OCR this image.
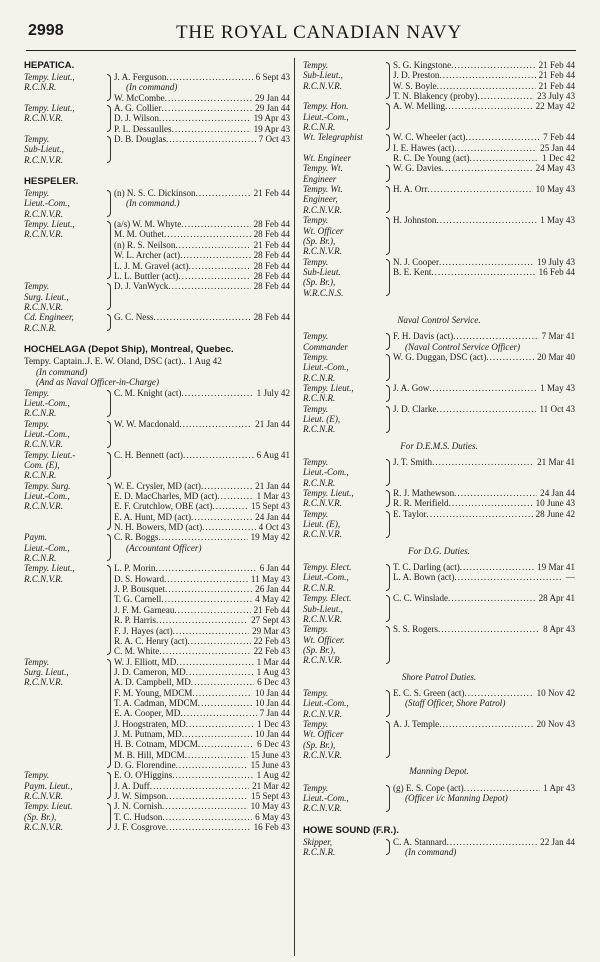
2998	THE ROYAL CANADIAN NAVY
HEPATICA.
Tempy. Lieut.,
R.C.N.R.
J. A. Ferguson .....	6 Sept 43
(In command)
W. McCombe .....	29 Jan 44
Tempy. Lieut.,
R.C.N.V.R.
A. G. Collier .....	29 Jan 44
D. J. Wilson .....	19 Apr 43
P. L. Dessaulles .....	19 Apr 43
Tempy.
Sub-Lieut.,
R.C.N.V.R.
D. B. Douglas .....	7 Oct 43
HESPELER.
Tempy.
Lieut.-Com.,
R.C.N.V.R.
(n) N. S. C. Dickinson .....	21 Feb 44
(In command.)
Tempy. Lieut.,
R.C.N.V.R.
(a/s) W. M. Whyte .....	28 Feb 44
M. M. Outhet .....	28 Feb 44
(n) R. S. Neilson .....	21 Feb 44
W. L. Archer (act) .....	28 Feb 44
L. J. M. Gravel (act) .....	28 Feb 44
L. L. Buttler (act) .....	28 Feb 44
Tempy.
Surg. Lieut.,
R.C.N.V.R.
D. J. VanWyck .....	28 Feb 44
Cd. Engineer,
R.C.N.R.
G. C. Ness .....	28 Feb 44
HOCHELAGA (Depot Ship), Montreal, Quebec.
Tempy. Captain..J. E. W. Oland, DSC (act).. 1 Aug 42
(In command)
(And as Naval Officer-in-Charge)
Tempy.
Lieut.-Com.,
R.C.N.R.
C. M. Knight (act) .....	1 July 42
Tempy.
Lieut.-Com.,
R.C.N.V.R.
W. W. Macdonald .....	21 Jan 44
Tempy. Lieut.-
Com. (E),
R.C.N.R.
C. H. Bennett (act) .....	6 Aug 41
Tempy. Surg.
Lieut.-Com.,
R.C.N.V.R.
W. E. Crysler, MD (act) .....	21 Jan 44
E. D. MacCharles, MD (act) .....	1 Mar 43
E. F. Crutchlow, OBE (act) .....	15 Sept 43
E. A. Hunt, MD (act) .....	24 Jan 44
N. H. Bowers, MD (act) .....	4 Oct 43
Paym.
Lieut.-Com.,
R.C.N.R.
C. R. Boggs .....	19 May 42
(Accountant Officer)
Tempy. Lieut.,
R.C.N.V.R.
L. P. Morin .....	6 Jan 44
D. S. Howard .....	11 May 43
J. P. Bousquet .....	26 Jan 44
T. G. Carnell .....	4 May 42
J. F. M. Garneau .....	21 Feb 44
R. P. Harris .....	27 Sept 43
F. J. Hayes (act) .....	29 Mar 43
R. A. C. Henry (act) .....	22 Feb 43
C. M. White .....	22 Feb 43
Tempy.
Surg. Lieut.,
R.C.N.V.R.
W. J. Elliott, MD .....	1 Mar 44
J. D. Cameron, MD .....	1 Aug 43
A. D. Campbell, MD .....	6 Dec 43
F. M. Young, MDCM .....	10 Jan 44
T. A. Cadman, MDCM .....	10 Jan 44
E. A. Cooper, MD .....	7 Jan 44
J. Hoogstraten, MD .....	1 Dec 43
J. M. Putnam, MD .....	10 Jan 44
H. B. Cotnam, MDCM .....	6 Dec 43
M. B. Hill, MDCM .....	15 June 43
D. G. Florendine .....	15 June 43
Tempy.
Paym. Lieut.,
R.C.N.V.R.
E. O. O'Higgins .....	1 Aug 42
J. A. Duff .....	21 Mar 42
J. W. Simpson .....	15 Sept 43
Tempy. Lieut.
(Sp. Br.),
R.C.N.V.R.
J. N. Cornish .....	10 May 43
T. C. Hudson .....	6 May 43
J. F. Cosgrove .....	16 Feb 43
Tempy.
Sub-Lieut.,
R.C.N.V.R.
S. G. Kingstone .....	21 Feb 44
J. D. Preston .....	21 Feb 44
W. S. Boyle .....	21 Feb 44
T. N. Blakency (proby) .....	23 July 43
Tempy. Hon.
Lieut.-Com.,
R.C.N.R.
A. W. Melling .....	22 May 42
Wt. Telegraphist	W. C. Wheeler (act) .....	7 Feb 44
I. E. Hawes (act) .....	25 Jan 44
Wt. Engineer	R. C. De Young (act) .....	1 Dec 42
Tempy. Wt.
Engineer
W. G. Davies .....	24 May 43
Tempy. Wt.
Engineer,
R.C.N.V.R.
H. A. Orr .....	10 May 43
Tempy.
Wt. Officer
(Sp. Br.),
R.C.N.V.R.
H. Johnston .....	1 May 43
Tempy.
Sub-Lieut.
(Sp. Br.),
W.R.C.N.S.
N. J. Cooper .....	19 July 43
B. E. Kent .....	16 Feb 44
Naval Control Service.
Tempy.
Commander
F. H. Davis (act) .....	7 Mar 41
(Naval Control Service Officer)
Tempy.
Lieut.-Com.,
R.C.N.R.
W. G. Duggan, DSC (act) .....	20 Mar 40
Tempy. Lieut.,
R.C.N.R.
J. A. Gow .....	1 May 43
Tempy.
Lieut. (E),
R.C.N.R.
J. D. Clarke .....	11 Oct 43
For D.E.M.S. Duties.
Tempy.
Lieut.-Com.,
R.C.N.R.
J. T. Smith .....	21 Mar 41
Tempy. Lieut.,
R.C.N.V.R.
R. J. Mathewson .....	24 Jan 44
R. R. Merifield .....	10 June 43
Tempy.
Lieut. (E),
R.C.N.V.R.
E. Taylor .....	28 June 42
For D.G. Duties.
Tempy. Elect.
Lieut.-Com.,
R.C.N.R.
T. C. Darling (act) .....	19 Mar 41
L. A. Bown (act) .....	—
Tempy. Elect.
Sub-Lieut.,
R.C.N.V.R.
C. C. Winslade .....	28 Apr 41
Tempy.
Wt. Officer.
(Sp. Br.),
R.C.N.V.R.
S. S. Rogers .....	8 Apr 43
Shore Patrol Duties.
Tempy.
Lieut.-Com.,
R.C.N.V.R.
E. C. S. Green (act) .....	10 Nov 42
(Staff Officer, Shore Patrol)
Tempy.
Wt. Officer
(Sp. Br.),
R.C.N.V.R.
A. J. Temple .....	20 Nov 43
Manning Depot.
Tempy.
Lieut.-Com.,
R.C.N.V.R.
(g) E. S. Cope (act) .....	1 Apr 43
(Officer i/c Manning Depot)
HOWE SOUND (F.R.).
Skipper,
R.C.N.R.
C. A. Stannard .....	22 Jan 44
(In command)
